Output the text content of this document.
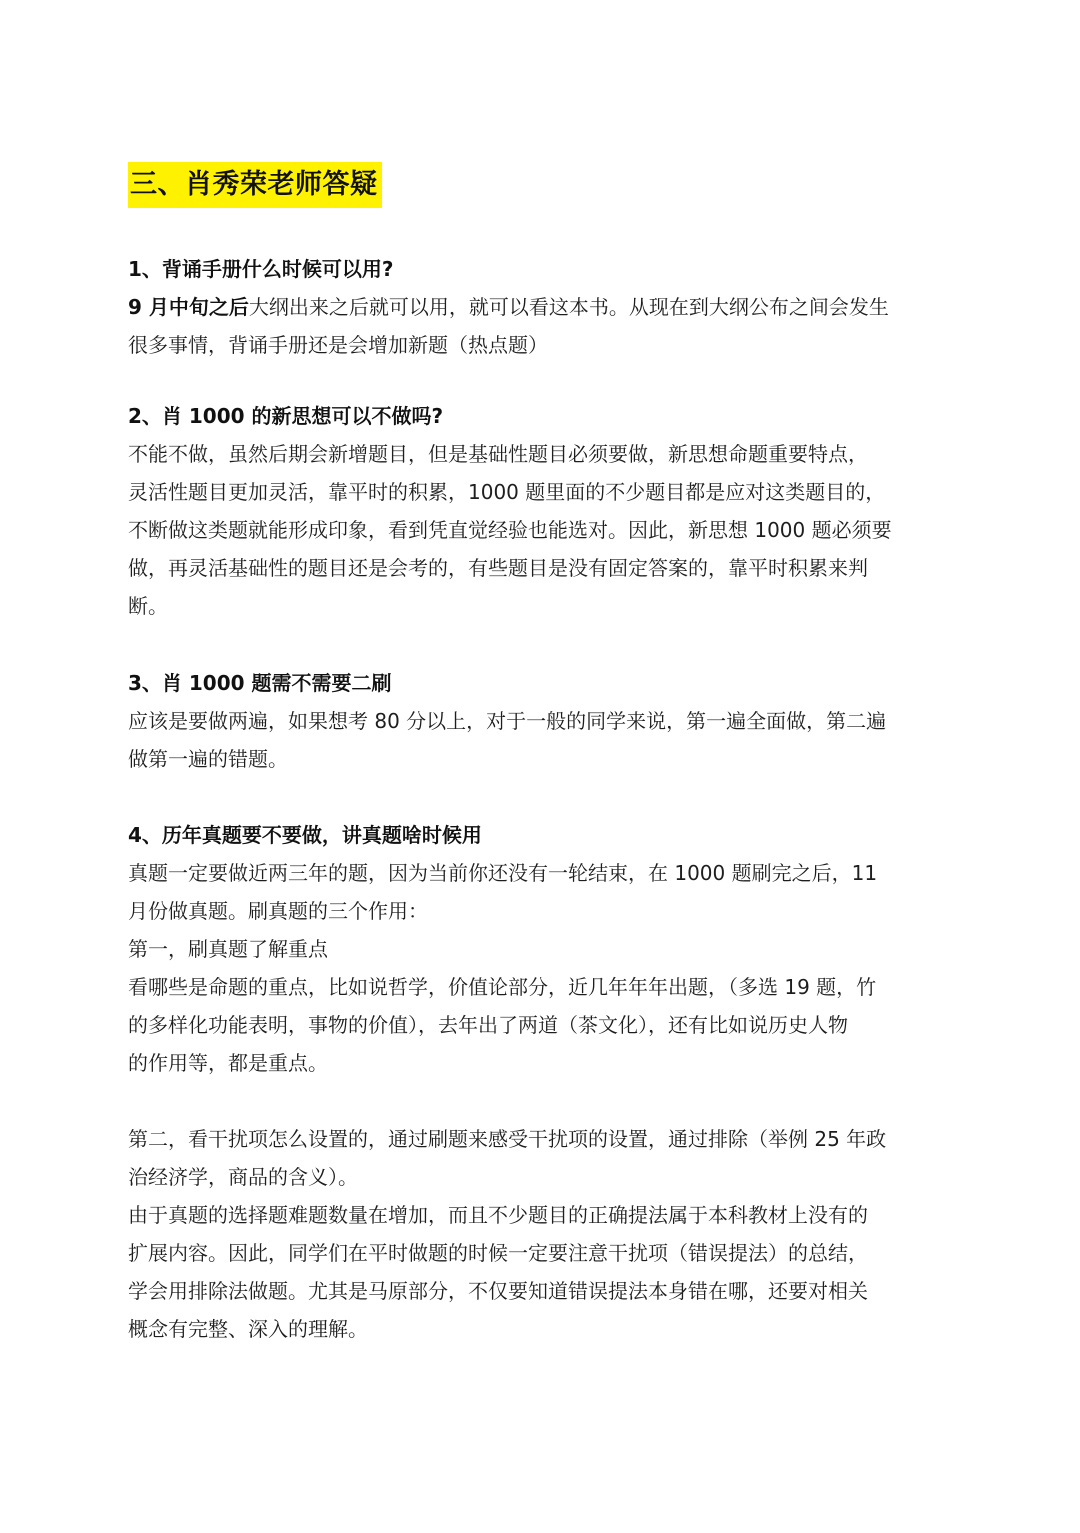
三、肖秀荣老师答疑
1、背诵手册什么时候可以用?
9 月中旬之后大纲出来之后就可以用，就可以看这本书。从现在到大纲公布之间会发生
很多事情，背诵手册还是会增加新题（热点题）
2、肖 1000 的新思想可以不做吗?
不能不做，虽然后期会新增题目，但是基础性题目必须要做，新思想命题重要特点，
灵活性题目更加灵活，靠平时的积累，1000 题里面的不少题目都是应对这类题目的，
不断做这类题就能形成印象，看到凭直觉经验也能选对。因此，新思想 1000 题必须要
做，再灵活基础性的题目还是会考的，有些题目是没有固定答案的，靠平时积累来判
断。
3、肖 1000 题需不需要二刷
应该是要做两遍，如果想考 80 分以上，对于一般的同学来说，第一遍全面做，第二遍
做第一遍的错题。
4、历年真题要不要做，讲真题啥时候用
真题一定要做近两三年的题，因为当前你还没有一轮结束，在 1000 题刷完之后，11
月份做真题。刷真题的三个作用：
第一，刷真题了解重点
看哪些是命题的重点，比如说哲学，价值论部分，近几年年年出题，（多选 19 题，竹
的多样化功能表明，事物的价值），去年出了两道（茶文化），还有比如说历史人物
的作用等，都是重点。
第二，看干扰项怎么设置的，通过刷题来感受干扰项的设置，通过排除（举例 25 年政
治经济学，商品的含义）。
由于真题的选择题难题数量在增加，而且不少题目的正确提法属于本科教材上没有的
扩展内容。因此，同学们在平时做题的时候一定要注意干扰项（错误提法）的总结，
学会用排除法做题。尤其是马原部分，不仅要知道错误提法本身错在哪，还要对相关
概念有完整、深入的理解。
